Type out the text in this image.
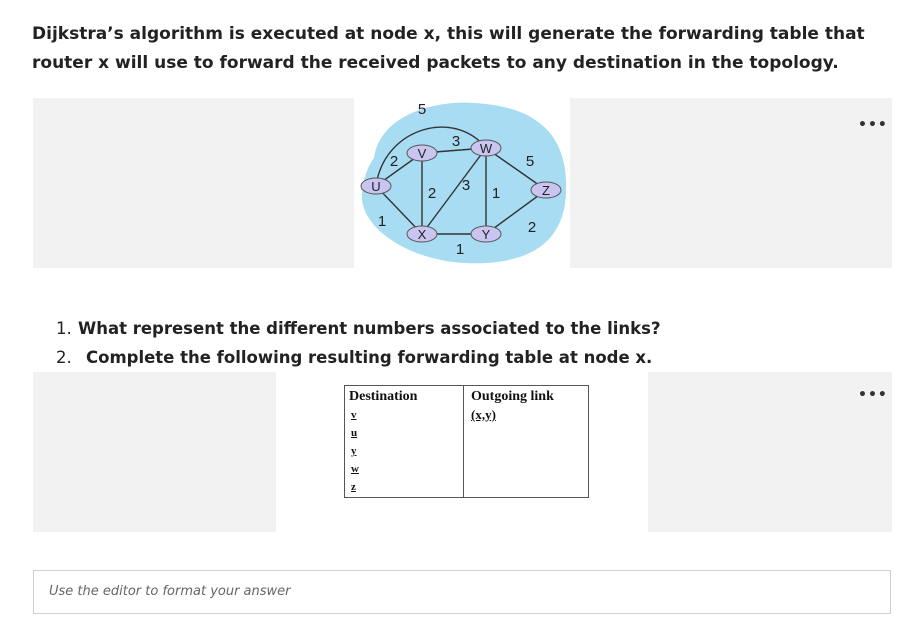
Dijkstra’s algorithm is executed at node x, this will generate the forwarding table that router x will use to forward the received packets to any destination in the topology.
•••
U
V	W
X	Y
Z
5
2
3
5
2 3 1
2
1
1
1. What represent the different numbers associated to the links?
2. Complete the following resulting forwarding table at node x.
•••
Destination
v
u
y
w
z
Outgoing link
(x,y)
Use the editor to format your answer
